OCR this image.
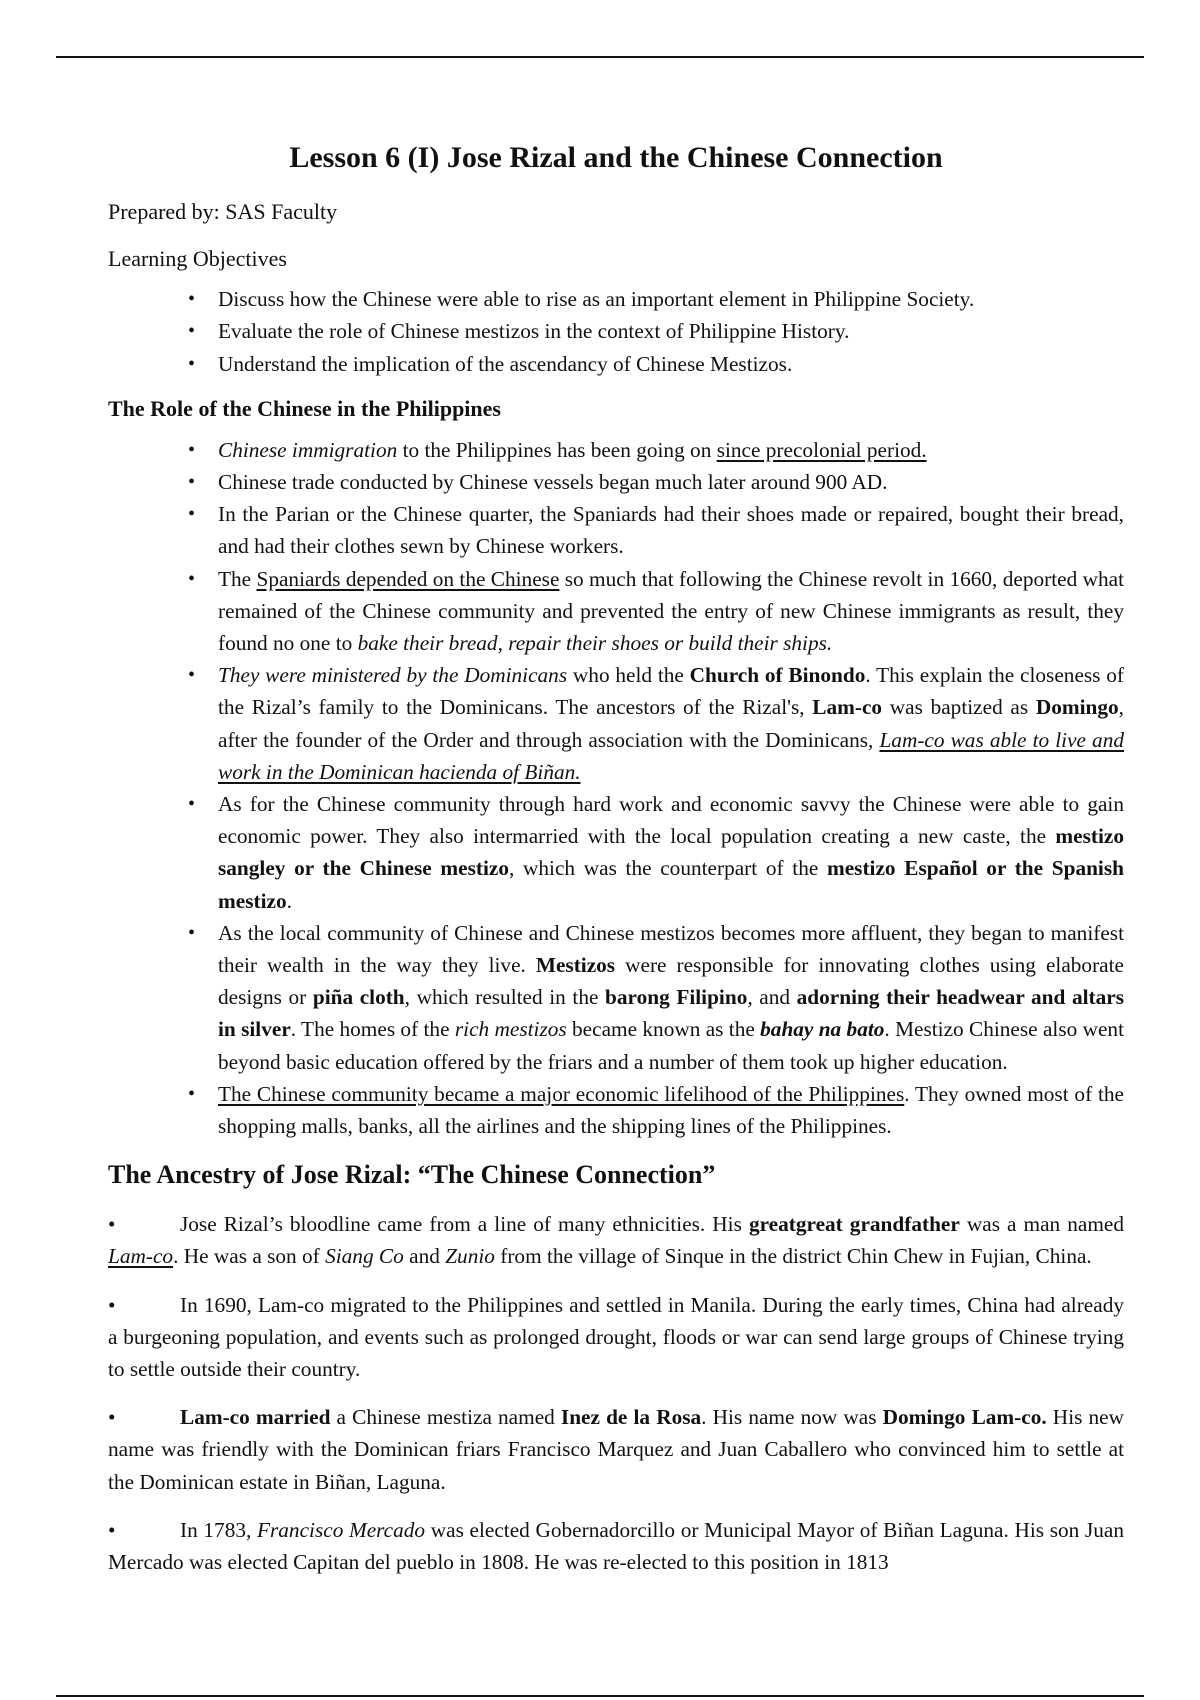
Lesson 6 (I) Jose Rizal and the Chinese Connection

Prepared by: SAS Faculty

Learning Objectives

• Discuss how the Chinese were able to rise as an important element in Philippine Society.
• Evaluate the role of Chinese mestizos in the context of Philippine History.
• Understand the implication of the ascendancy of Chinese Mestizos.
The Role of the Chinese in the Philippines
• Chinese immigration to the Philippines has been going on since precolonial period.
• Chinese trade conducted by Chinese vessels began much later around 900 AD.
• In the Parian or the Chinese quarter, the Spaniards had their shoes made or repaired, bought their bread, and had their clothes sewn by Chinese workers.
• The Spaniards depended on the Chinese so much that following the Chinese revolt in 1660, deported what remained of the Chinese community and prevented the entry of new Chinese immigrants as result, they found no one to bake their bread, repair their shoes or build their ships.
• They were ministered by the Dominicans who held the Church of Binondo. This explain the closeness of the Rizal’s family to the Dominicans. The ancestors of the Rizal's, Lam-co was baptized as Domingo, after the founder of the Order and through association with the Dominicans, Lam-co was able to live and work in the Dominican hacienda of Biñan.
• As for the Chinese community through hard work and economic savvy the Chinese were able to gain economic power. They also intermarried with the local population creating a new caste, the mestizo sangley or the Chinese mestizo, which was the counterpart of the mestizo Español or the Spanish mestizo.
• As the local community of Chinese and Chinese mestizos becomes more affluent, they began to manifest their wealth in the way they live. Mestizos were responsible for innovating clothes using elaborate designs or piña cloth, which resulted in the barong Filipino, and adorning their headwear and altars in silver. The homes of the rich mestizos became known as the bahay na bato. Mestizo Chinese also went beyond basic education offered by the friars and a number of them took up higher education.
• The Chinese community became a major economic lifelihood of the Philippines. They owned most of the shopping malls, banks, all the airlines and the shipping lines of the Philippines.
The Ancestry of Jose Rizal: “The Chinese Connection”

•	Jose Rizal’s bloodline came from a line of many ethnicities. His greatgreat grandfather was a man named Lam-co. He was a son of Siang Co and Zunio from the village of Sinque in the district Chin Chew in Fujian, China.

•	In 1690, Lam-co migrated to the Philippines and settled in Manila. During the early times, China had already a burgeoning population, and events such as prolonged drought, floods or war can send large groups of Chinese trying to settle outside their country.

•	Lam-co married a Chinese mestiza named Inez de la Rosa. His name now was Domingo Lam-co. His new name was friendly with the Dominican friars Francisco Marquez and Juan Caballero who convinced him to settle at the Dominican estate in Biñan, Laguna.

•	In 1783, Francisco Mercado was elected Gobernadorcillo or Municipal Mayor of Biñan Laguna. His son Juan Mercado was elected Capitan del pueblo in 1808. He was re-elected to this position in 1813
